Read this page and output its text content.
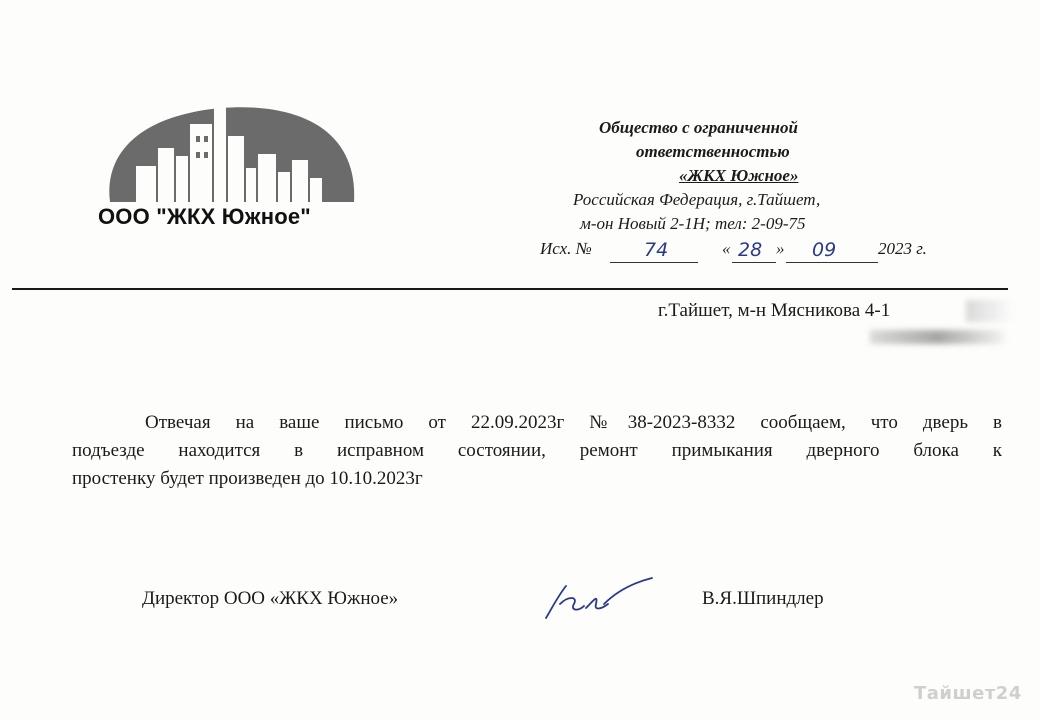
ООО "ЖКХ Южное"
Общество с ограниченной
ответственностью
«ЖКХ Южное»
Российская Федерация, г.Тайшет,
м-он Новый 2-1Н; тел: 2-09-75
Исх. №	74	« 28 » 09 2023 г.
г.Тайшет, м-н Мясникова 4-1
Отвечая на ваше письмо от 22.09.2023г №38-2023-8332 сообщаем, что дверь в
подъезде находится в исправном состоянии, ремонт примыкания дверного блока к
простенку будет произведен до 10.10.2023г
Директор ООО «ЖКХ Южное»	В.Я.Шпиндлер
Тайшет24
